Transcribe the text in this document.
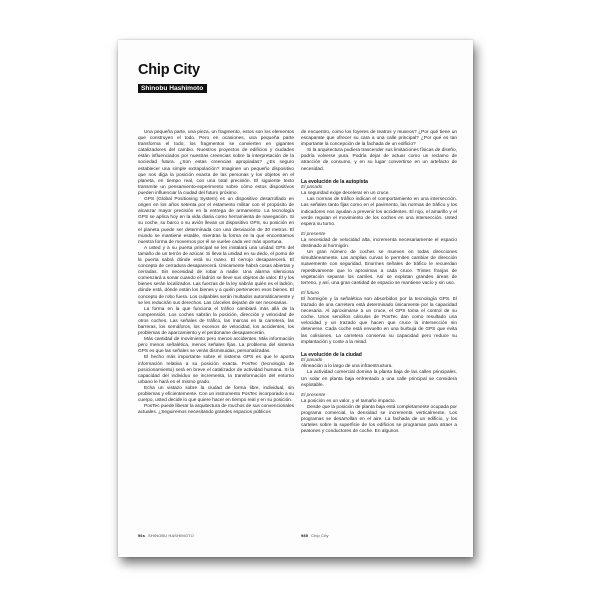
Chip City
Shinobu Hashimoto

Una pequeña parte, una pieza, un fragmento, estos son los elementos que construyen el todo. Pero en ocasiones, una pequeña parte transforma el todo; los fragmentos se convierten en gigantes catalizadores del cambio. Nuestros proyectos de edificios y ciudades están influenciados por nuestras creencias sobre la interpretación de la sociedad futura. ¿Son estas creencias apropiadas? ¿Es seguro establecer una simple extrapolación? Imaginen un pequeño dispositivo que nos diga la posición exacta de las personas y los objetos en el planeta, en tiempo real, con una total precisión. El siguiente texto transmite un pensamiento-experimento sobre cómo estos dispositivos pueden influenciar la ciudad del futuro próximo.

GPS (Global Positioning System) es un dispositivo desarrollado en origen en los años setenta por el estamento militar con el propósito de alcanzar mayor precisión en la entrega de armamento. La tecnología GPS se aplica hoy en la vida diaria como herramienta de navegación. Si su coche, su barco o su avión llevan un dispositivo GPS, su posición en el planeta puede ser determinada con una desviación de 30 metros. El mundo se mantiene estable, mientras la forma en la que encontramos nuestra forma de movernos por él se vuelve cada vez más oportuna.

A usted y a su puerta principal se les instalará una unidad GPS del tamaño de un terrón de azúcar. Si lleva la unidad en su dedo, el pomo de la puerta sabrá dónde está su mano. El cerrojo desaparecerá. El concepto de cerradura desaparecerá. Únicamente habrá cosas abiertas y cerradas. Sin necesidad de robar a nadie. Una alarma silenciosa comenzará a sonar cuando el ladrón se lleve sus objetos de valor. Él y los bienes serán localizados. Las fuerzas de la ley sabrán quién es el ladrón, dónde está, dónde están los bienes y a quién pertenecen esos bienes. El concepto de robo fuera. Los culpables serán multados automáticamente y se les reducirán sus derechos. Las cárceles dejarán de ser necesarias.

La forma en la que funciona el tráfico cambiará más allá de la comprensión. Los coches sabrán la posición, dirección y velocidad de otros coches. Las señales de tráfico, las marcas en la carretera, las barreras, los semáforos, los excesos de velocidad, los accidentes, los problemas de aparcamiento y el perdonarse desaparecerán.

Más cantidad de movimiento pero menos accidentes. Más información pero menos señalética, menos señales fijas. La problema del sistema GPS es que las señales se verán disminuidas, personalizadas.

El hecho más importante sobre el sistema GPS es que le aporta información relativa a su posición exacta. PosTec (tecnología de posicionamiento) será en breve el catalizador de actividad humana. Si la capacidad del individuo se incrementa, la transformación del entorno urbano le hará en el mismo grado.

Echa un vistazo sobre la ciudad de forma libre, individual, sin problemas y eficientemente. Con un instrumento PosTec incorporado a su cuerpo, usted decide lo que quiere hacer en tiempo real y en su posición.

PosTec puede liberar la arquitectura de muchos de sus convencionales actuales. ¿Seguiremos necesitando grandes espacios públicos

de encuentro, como los foyeres de teatros y museos? ¿Por qué tiene un escaparate que ofrecer su cara a una calle principal? ¿Por qué es tan importante la concepción de la fachada de un edificio?

Si la arquitectura pudiera trascender sus limitaciones físicas de diseño, podría volverse pura. Podría dejar de actuar como un reclamo de atracción de consumo, y en su lugar convertirse en un artefacto de necesidad.

La evolución de la autopista
El pasado

La seguridad exige decelerar en un cruce.

Las normas de tráfico indican el comportamiento en una intersección. Las señales tanto fijas como en el pavimento, las normas de tráfico y los indicadores nos ayudan a prevenir los accidentes. El rojo, el amarillo y el verde regulan el movimiento de los coches en una intersección. Usted espera su turno.

El presente

La necesidad de velocidad alta, incrementa necesariamente el espacio destinado al hormigón.

Un gran número de coches se mueven en todas direcciones simultáneamente. Las amplias curvas le permiten cambiar de dirección suavemente con seguridad. Enormes señales de tráfico le recuerdan repetitivamente que lo aproximas a cada cruce. Tristes franjas de vegetación separan los carriles. Así se explotan grandes áreas de terreno, y así, una gran cantidad de espacio se mantiene vacío y sin uso.

El futuro

El hormigón y la señalética son absorbidos por la tecnología GPS. El trazado de una carretera está determinado únicamente por la capacidad necesaria. Al aproximarse a un cruce, el GPS toma el control de su coche. Unos sencillos cálculos de PosTec dan como resultado una velocidad y un trazado que hacen que cruce la intersección sin detenerse. Cada coche está envuelto en una burbuja de GPS que evita las colisiones. La carretera conserva su capacidad pero reduce su implantación y coste a la mitad.

La evolución de la ciudad
El pasado

Alineación a lo largo de una infraestructura.

La actividad comercial domina la planta baja de las calles principales. Un solar en planta baja enfrentado a una calle principal se considera explotable.

El presente

La posición es un valor, y el tamaño impacto.

Desde que la posición de planta baja está completamente ocupada por programa comercial, la densidad se incrementa verticalmente. Los programas se desarrollan en el aire. La fachada de un edificio, y los carteles sobre la superficie de los edificios se programan para atraer a peatones y conductores de coche. En algunos

96s SHINOBU HASHIMOTO	985 Chip City
